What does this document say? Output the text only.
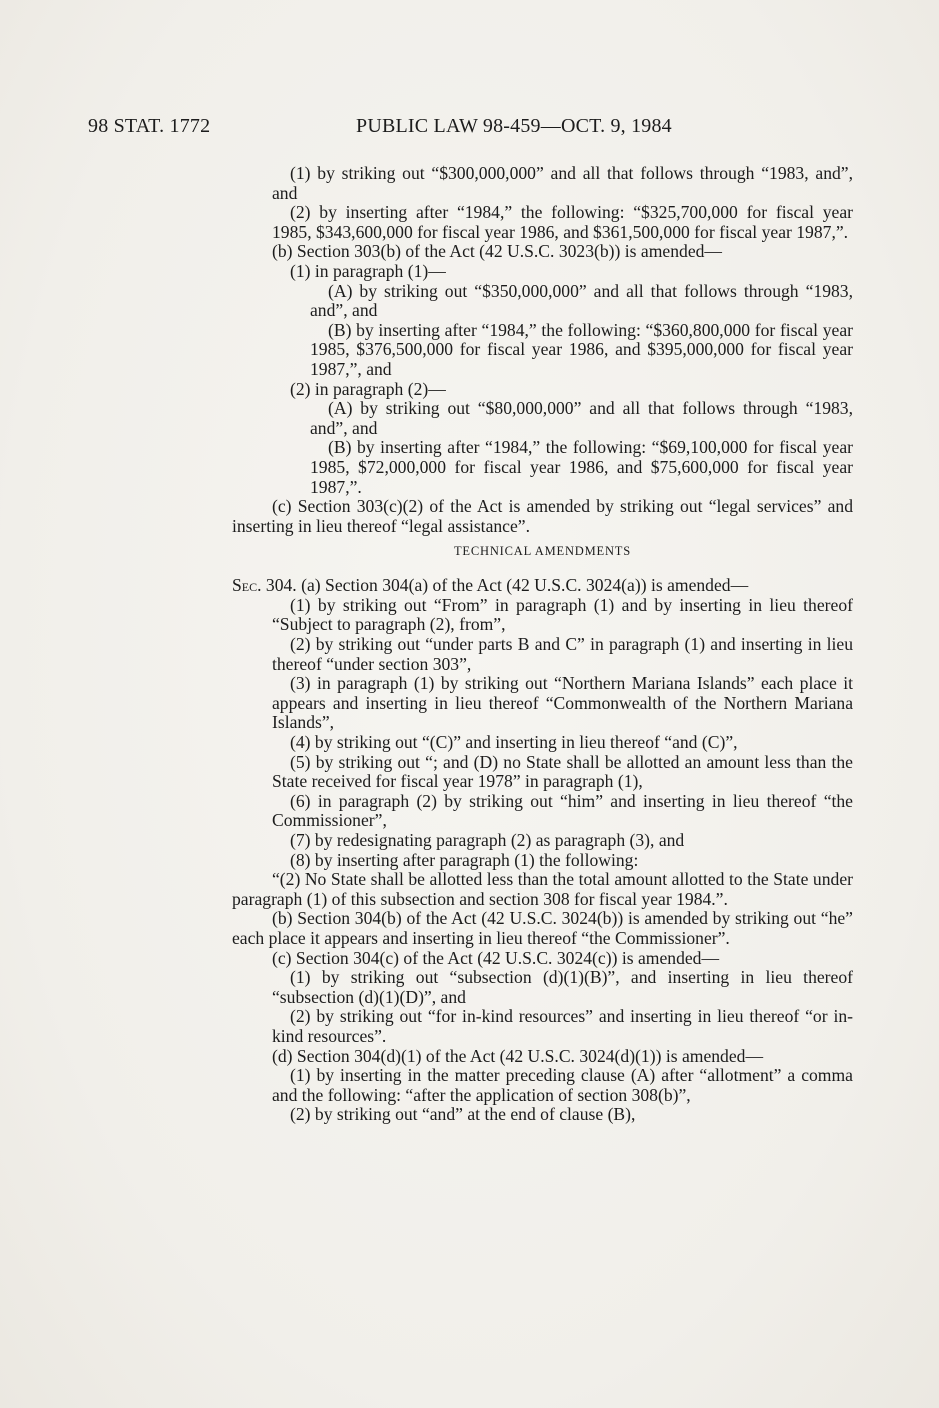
98 STAT. 1772	PUBLIC LAW 98-459—OCT. 9, 1984

(1) by striking out “$300,000,000” and all that follows through “1983, and”, and

(2) by inserting after “1984,” the following: “$325,700,000 for fiscal year 1985, $343,600,000 for fiscal year 1986, and $361,500,000 for fiscal year 1987,”.

(b) Section 303(b) of the Act (42 U.S.C. 3023(b)) is amended—

(1) in paragraph (1)—

(A) by striking out “$350,000,000” and all that follows through “1983, and”, and

(B) by inserting after “1984,” the following: “$360,800,000 for fiscal year 1985, $376,500,000 for fiscal year 1986, and $395,000,000 for fiscal year 1987,”, and

(2) in paragraph (2)—

(A) by striking out “$80,000,000” and all that follows through “1983, and”, and

(B) by inserting after “1984,” the following: “$69,100,000 for fiscal year 1985, $72,000,000 for fiscal year 1986, and $75,600,000 for fiscal year 1987,”.

(c) Section 303(c)(2) of the Act is amended by striking out “legal services” and inserting in lieu thereof “legal assistance”.

TECHNICAL AMENDMENTS

Sec. 304. (a) Section 304(a) of the Act (42 U.S.C. 3024(a)) is amended—

(1) by striking out “From” in paragraph (1) and by inserting in lieu thereof “Subject to paragraph (2), from”,

(2) by striking out “under parts B and C” in paragraph (1) and inserting in lieu thereof “under section 303”,

(3) in paragraph (1) by striking out “Northern Mariana Islands” each place it appears and inserting in lieu thereof “Commonwealth of the Northern Mariana Islands”,

(4) by striking out “(C)” and inserting in lieu thereof “and (C)”,

(5) by striking out “; and (D) no State shall be allotted an amount less than the State received for fiscal year 1978” in paragraph (1),

(6) in paragraph (2) by striking out “him” and inserting in lieu thereof “the Commissioner”,

(7) by redesignating paragraph (2) as paragraph (3), and

(8) by inserting after paragraph (1) the following:

“(2) No State shall be allotted less than the total amount allotted to the State under paragraph (1) of this subsection and section 308 for fiscal year 1984.”.

(b) Section 304(b) of the Act (42 U.S.C. 3024(b)) is amended by striking out “he” each place it appears and inserting in lieu thereof “the Commissioner”.

(c) Section 304(c) of the Act (42 U.S.C. 3024(c)) is amended—

(1) by striking out “subsection (d)(1)(B)”, and inserting in lieu thereof “subsection (d)(1)(D)”, and

(2) by striking out “for in-kind resources” and inserting in lieu thereof “or in-kind resources”.

(d) Section 304(d)(1) of the Act (42 U.S.C. 3024(d)(1)) is amended—

(1) by inserting in the matter preceding clause (A) after “allotment” a comma and the following: “after the application of section 308(b)”,

(2) by striking out “and” at the end of clause (B),
